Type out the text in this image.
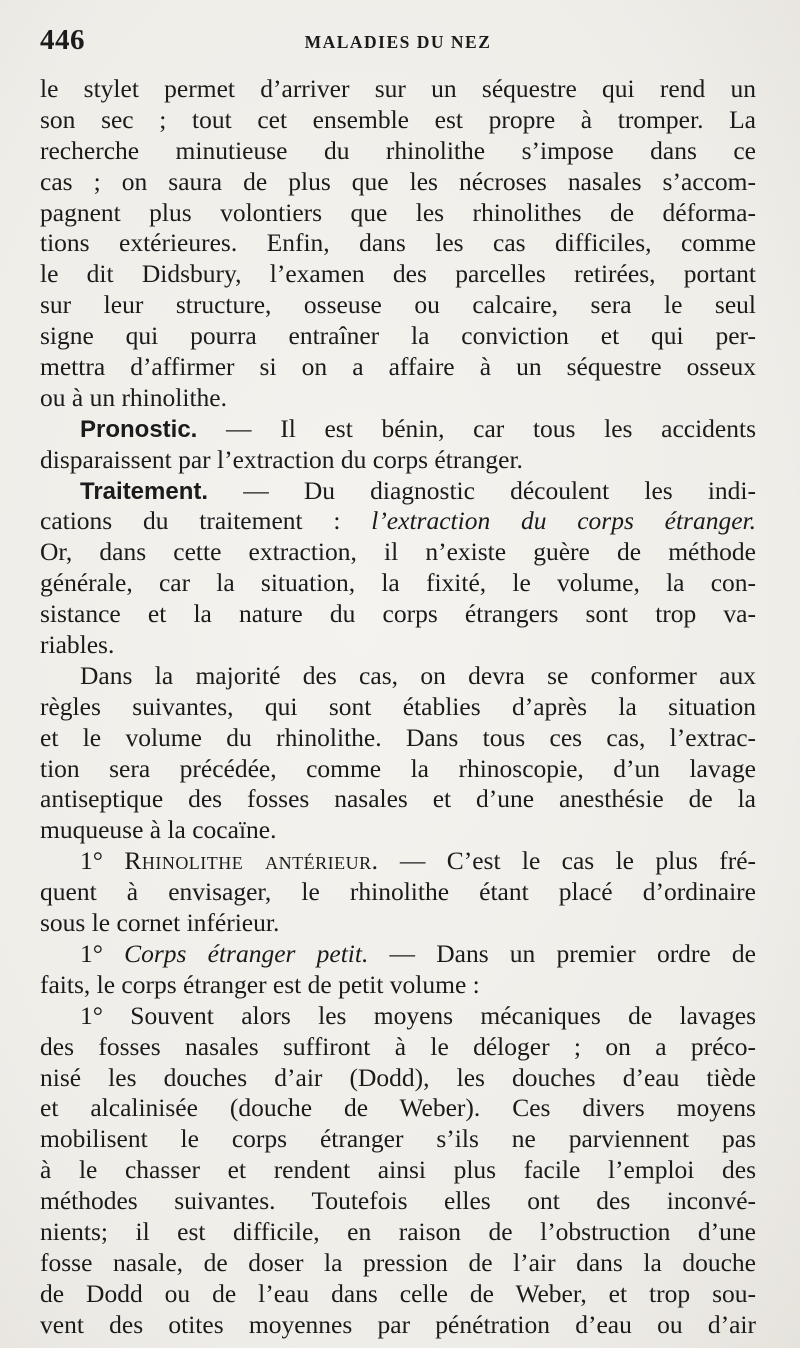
446	MALADIES DU NEZ
le stylet permet d’arriver sur un séquestre qui rend un
son sec ; tout cet ensemble est propre à tromper. La
recherche minutieuse du rhinolithe s’impose dans ce
cas ; on saura de plus que les nécroses nasales s’accom-
pagnent plus volontiers que les rhinolithes de déforma-
tions extérieures. Enfin, dans les cas difficiles, comme
le dit Didsbury, l’examen des parcelles retirées, portant
sur leur structure, osseuse ou calcaire, sera le seul
signe qui pourra entraîner la conviction et qui per-
mettra d’affirmer si on a affaire à un séquestre osseux
ou à un rhinolithe.
Pronostic. — Il est bénin, car tous les accidents
disparaissent par l’extraction du corps étranger.
Traitement. — Du diagnostic découlent les indi-
cations du traitement : l’extraction du corps étranger.
Or, dans cette extraction, il n’existe guère de méthode
générale, car la situation, la fixité, le volume, la con-
sistance et la nature du corps étrangers sont trop va-
riables.
Dans la majorité des cas, on devra se conformer aux
règles suivantes, qui sont établies d’après la situation
et le volume du rhinolithe. Dans tous ces cas, l’extrac-
tion sera précédée, comme la rhinoscopie, d’un lavage
antiseptique des fosses nasales et d’une anesthésie de la
muqueuse à la cocaïne.
1° Rhinolithe antérieur. — C’est le cas le plus fré-
quent à envisager, le rhinolithe étant placé d’ordinaire
sous le cornet inférieur.
1° Corps étranger petit. — Dans un premier ordre de
faits, le corps étranger est de petit volume :
1° Souvent alors les moyens mécaniques de lavages
des fosses nasales suffiront à le déloger ; on a préco-
nisé les douches d’air (Dodd), les douches d’eau tiède
et alcalinisée (douche de Weber). Ces divers moyens
mobilisent le corps étranger s’ils ne parviennent pas
à le chasser et rendent ainsi plus facile l’emploi des
méthodes suivantes. Toutefois elles ont des inconvé-
nients; il est difficile, en raison de l’obstruction d’une
fosse nasale, de doser la pression de l’air dans la douche
de Dodd ou de l’eau dans celle de Weber, et trop sou-
vent des otites moyennes par pénétration d’eau ou d’air
